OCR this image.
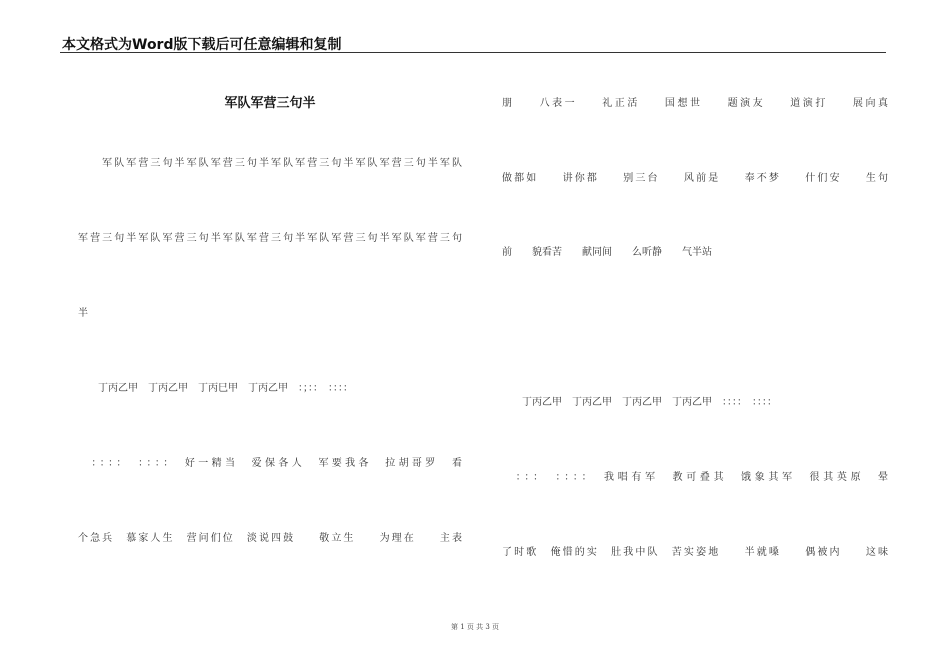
本文格式为Word版下载后可任意编辑和复制
军队军营三句半
　　军队军营三句半军队军营三句半军队军营三句半军队军营三句半军队
军营三句半军队军营三句半军队军营三句半军队军营三句半军队军营三句
半
　　丁丙乙甲　丁丙乙甲　丁丙巳甲　丁丙乙甲　：；：：　：：：：
　：：：：　：：：：　好一精当　爱保各人　军要我各　拉胡哥罗　看
个急兵　慕家人生　营问们位　淡说四鼓　　敬立生　　为理在　　主表
朋　　八表一　　礼正活　　国想世　　题演友　　道演打　　展向真
做都如　　讲你都　　别三台　　风前是　　奉不梦　　什们安　　生句
前　　貌看苦　　献同间　　么听静　　气半站
　　丁丙乙甲　丁丙乙甲　丁丙乙甲　丁丙乙甲　：：：：　：：：：
　：：：　：：：：　我唱有军　教可叠其　饿象其军　很其英原　晕
了时歌　俺惜的实　肚我中队　苦实姿地　　半就嗓　　偶被内　　这味
第 1 页 共 3 页
